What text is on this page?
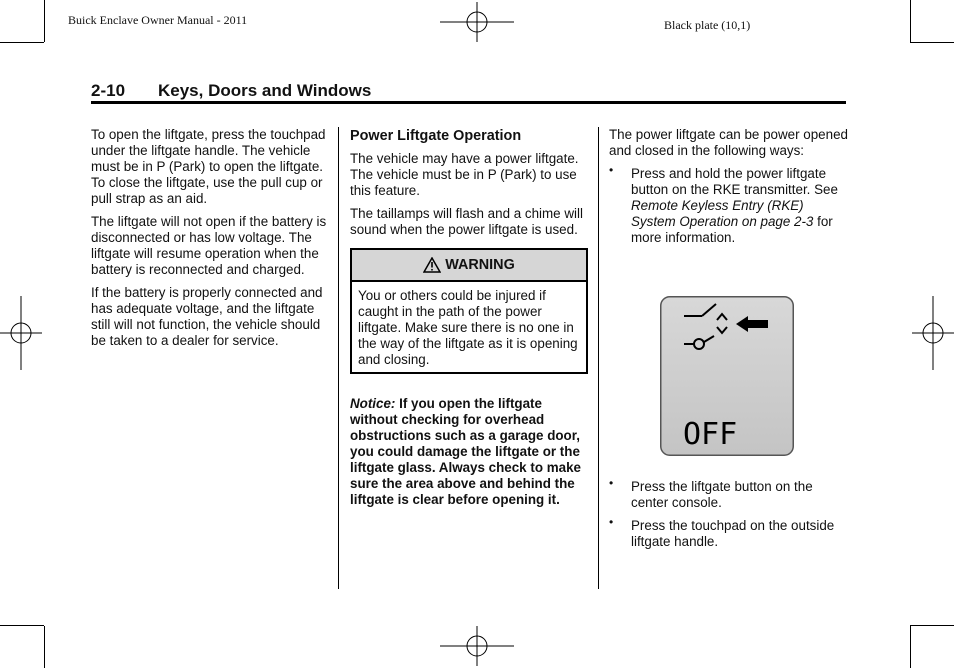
Buick Enclave Owner Manual - 2011	Black plate (10,1)
2-10 Keys, Doors and Windows

To open the liftgate, press the touchpad under the liftgate handle. The vehicle must be in P (Park) to open the liftgate. To close the liftgate, use the pull cup or pull strap as an aid.

The liftgate will not open if the battery is disconnected or has low voltage. The liftgate will resume operation when the battery is reconnected and charged.

If the battery is properly connected and has adequate voltage, and the liftgate still will not function, the vehicle should be taken to a dealer for service.

Power Liftgate Operation

The vehicle may have a power liftgate. The vehicle must be in P (Park) to use this feature.

The taillamps will flash and a chime will sound when the power liftgate is used.

WARNING
You or others could be injured if caught in the path of the power liftgate. Make sure there is no one in the way of the liftgate as it is opening and closing.

Notice: If you open the liftgate without checking for overhead obstructions such as a garage door, you could damage the liftgate or the liftgate glass. Always check to make sure the area above and behind the liftgate is clear before opening it.

The power liftgate can be power opened and closed in the following ways:

• Press and hold the power liftgate button on the RKE transmitter. See Remote Keyless Entry (RKE) System Operation on page 2-3 for more information.
OFF
• Press the liftgate button on the center console.
• Press the touchpad on the outside liftgate handle.
